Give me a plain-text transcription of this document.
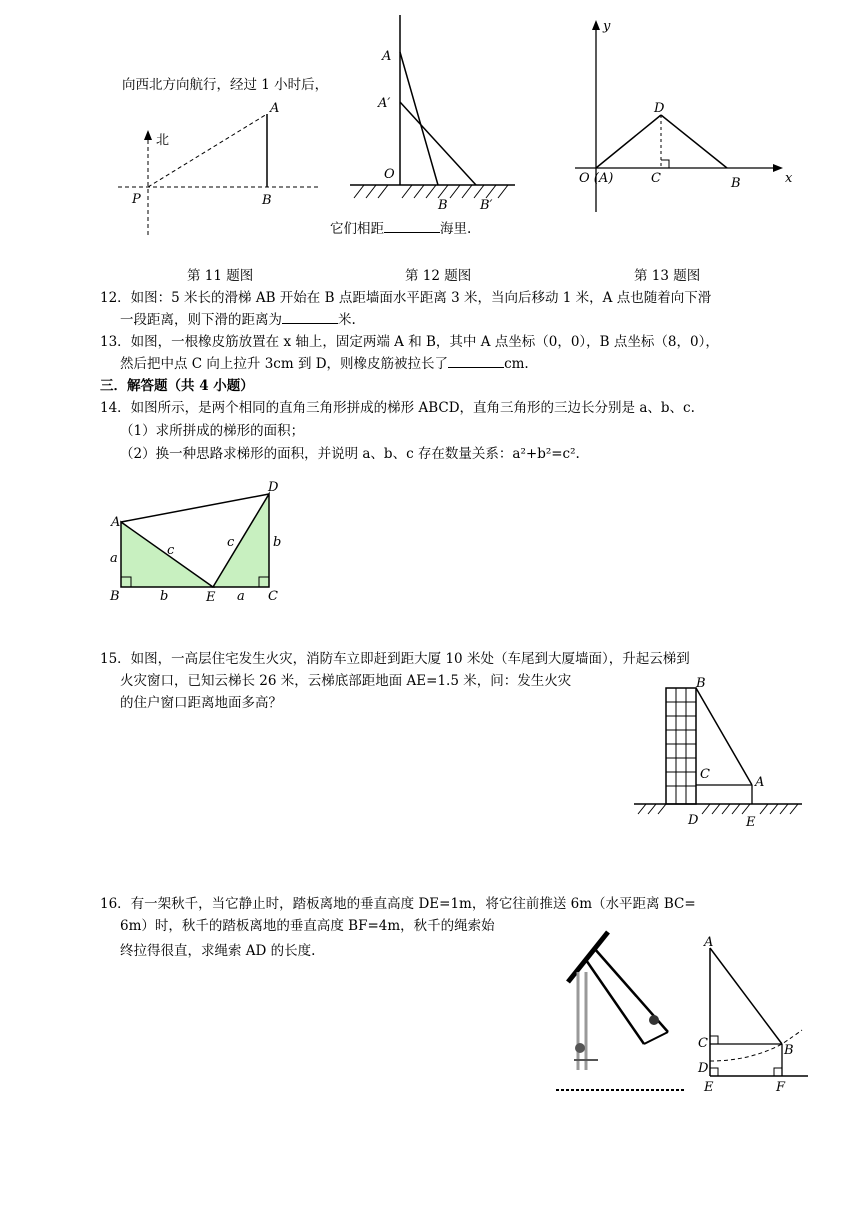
向西北方向航行，经过 1 小时后，
北
P
A
B
它们相距	海里.
A
A′
O
B B′
y
x
D
O (A)	C	B
第 11 题图	第 12 题图	第 13 题图
12．如图：5 米长的滑梯 AB 开始在 B 点距墙面水平距离 3 米，当向后移动 1 米，A 点也随着向下滑
一段距离，则下滑的距离为	米.
13．如图，一根橡皮筋放置在 x 轴上，固定两端 A 和 B，其中 A 点坐标（0，0），B 点坐标（8，0），
然后把中点 C 向上拉升 3cm 到 D，则橡皮筋被拉长了	cm.
三．解答题（共 4 小题）
14．如图所示，是两个相同的直角三角形拼成的梯形 ABCD，直角三角形的三边长分别是 a、b、c.
（1）求所拼成的梯形的面积；
（2）换一种思路求梯形的面积，并说明 a、b、c 存在数量关系：a²+b²=c².
A
D
a
c
c	b
B	b	E a C
15．如图，一高层住宅发生火灾，消防车立即赶到距大厦 10 米处（车尾到大厦墙面），升起云梯到
火灾窗口，已知云梯长 26 米，云梯底部距地面 AE=1.5 米，问：发生火灾
的住户窗口距离地面多高？
B
C
A
D	E
16．有一架秋千，当它静止时，踏板离地的垂直高度 DE=1m，将它往前推送 6m（水平距离 BC=
6m）时，秋千的踏板离地的垂直高度 BF=4m，秋千的绳索始
终拉得很直，求绳索 AD 的长度.
A
C	B
D
E	F
